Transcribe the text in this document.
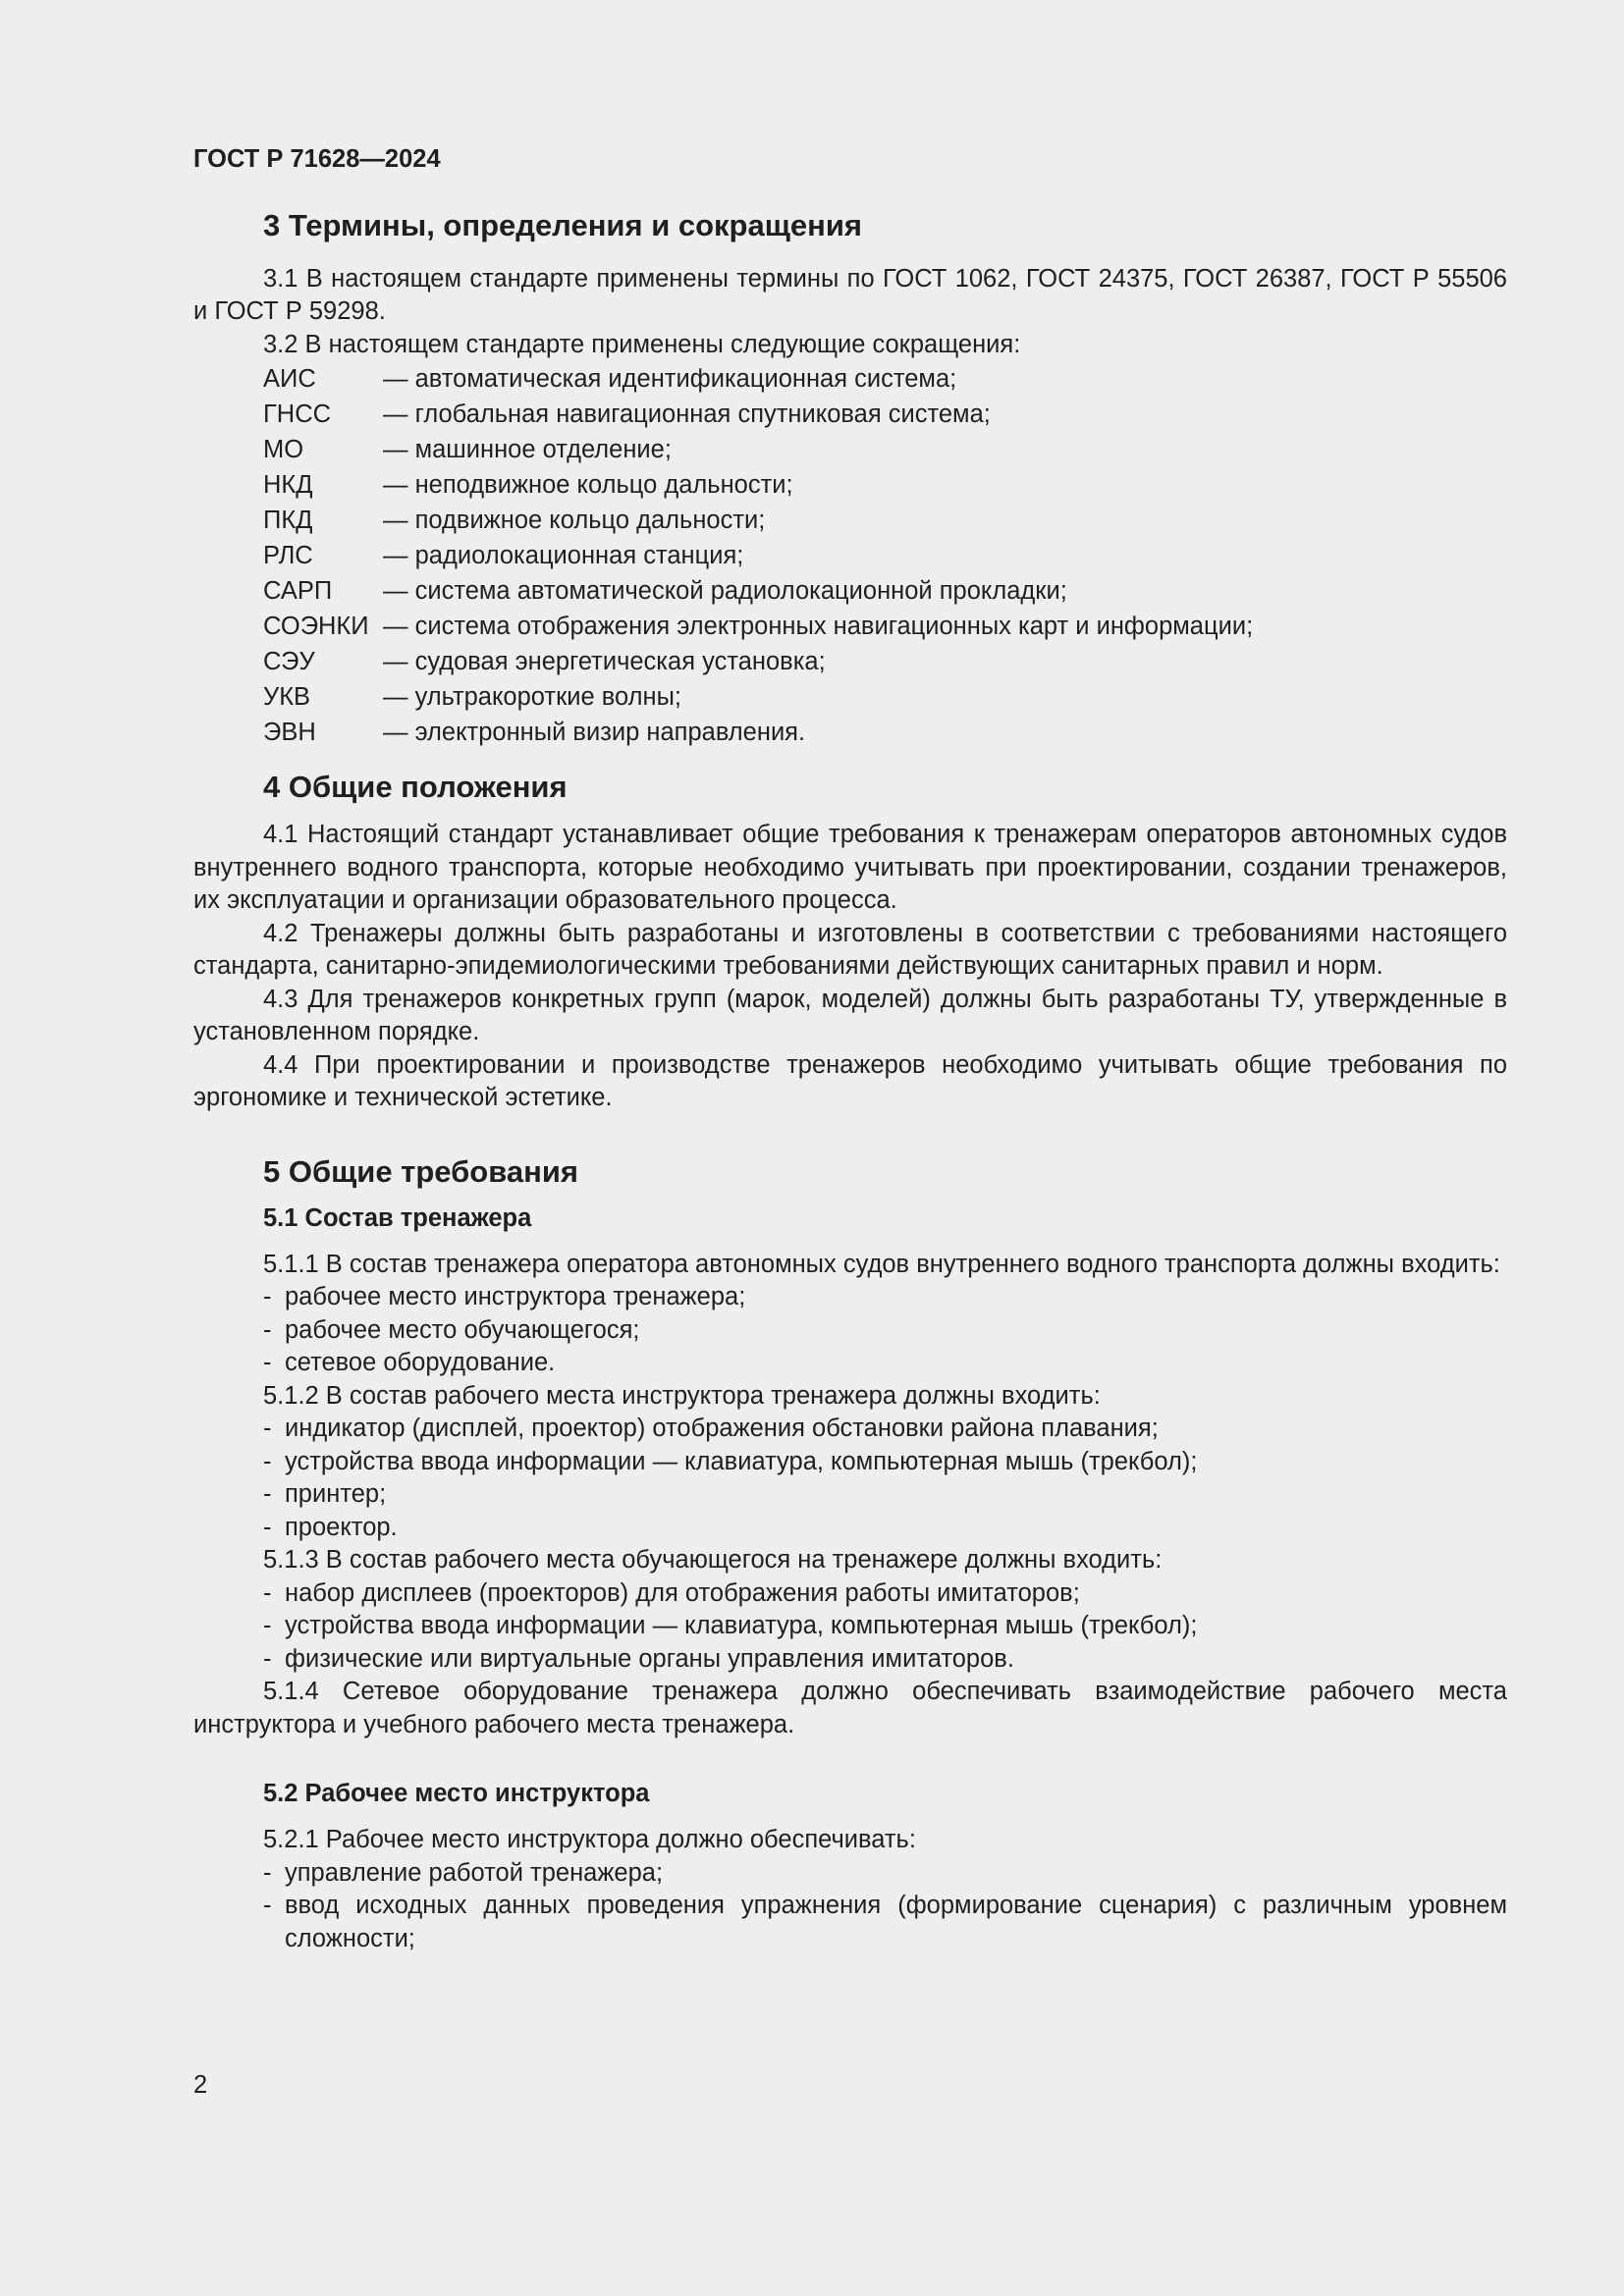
ГОСТ Р 71628—2024
3 Термины, определения и сокращения

3.1 В настоящем стандарте применены термины по ГОСТ 1062, ГОСТ 24375, ГОСТ 26387, ГОСТ Р 55506 и ГОСТ Р 59298.

3.2 В настоящем стандарте применены следующие сокращения:

АИС	— автоматическая идентификационная система;
ГНСС	— глобальная навигационная спутниковая система;
МО	— машинное отделение;
НКД	— неподвижное кольцо дальности;
ПКД	— подвижное кольцо дальности;
РЛС	— радиолокационная станция;
САРП	— система автоматической радиолокационной прокладки;
СОЭНКИ — система отображения электронных навигационных карт и информации;
СЭУ	— судовая энергетическая установка;
УКВ	— ультракороткие волны;
ЭВН	— электронный визир направления.
4 Общие положения

4.1 Настоящий стандарт устанавливает общие требования к тренажерам операторов автономных судов внутреннего водного транспорта, которые необходимо учитывать при проектировании, создании тренажеров, их эксплуатации и организации образовательного процесса.

4.2 Тренажеры должны быть разработаны и изготовлены в соответствии с требованиями настоящего стандарта, санитарно-эпидемиологическими требованиями действующих санитарных правил и норм.

4.3 Для тренажеров конкретных групп (марок, моделей) должны быть разработаны ТУ, утвержденные в установленном порядке.

4.4 При проектировании и производстве тренажеров необходимо учитывать общие требования по эргономике и технической эстетике.

5 Общие требования
5.1 Состав тренажера

5.1.1 В состав тренажера оператора автономных судов внутреннего водного транспорта должны входить:

- рабочее место инструктора тренажера;
- рабочее место обучающегося;
- сетевое оборудование.

5.1.2 В состав рабочего места инструктора тренажера должны входить:

- индикатор (дисплей, проектор) отображения обстановки района плавания;
- устройства ввода информации — клавиатура, компьютерная мышь (трекбол);
- принтер;
- проектор.

5.1.3 В состав рабочего места обучающегося на тренажере должны входить:

- набор дисплеев (проекторов) для отображения работы имитаторов;
- устройства ввода информации — клавиатура, компьютерная мышь (трекбол);
- физические или виртуальные органы управления имитаторов.

5.1.4 Сетевое оборудование тренажера должно обеспечивать взаимодействие рабочего места инструктора и учебного рабочего места тренажера.

5.2 Рабочее место инструктора

5.2.1 Рабочее место инструктора должно обеспечивать:

- управление работой тренажера;
- ввод исходных данных проведения упражнения (формирование сценария) с различным уровнем сложности;
2
